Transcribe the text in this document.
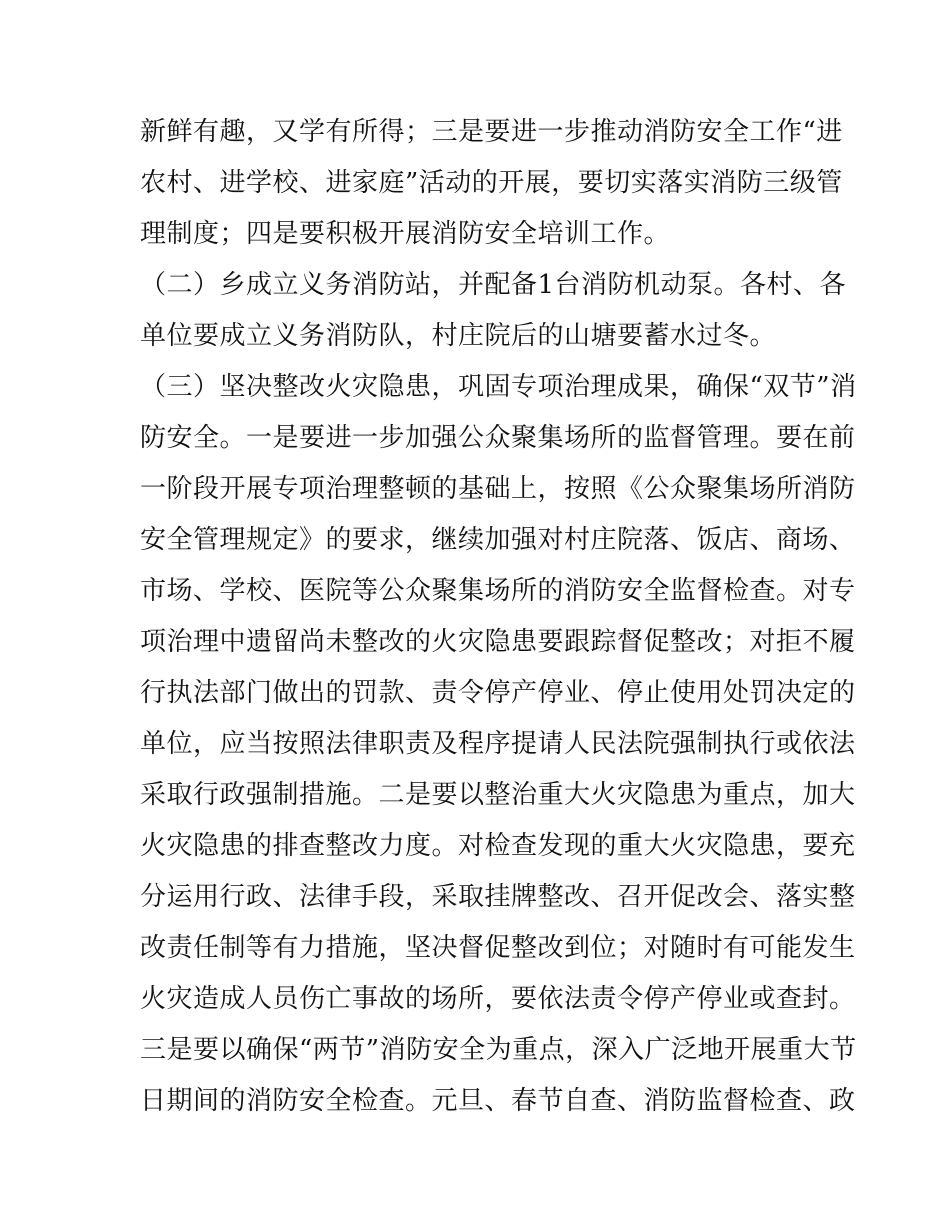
新鲜有趣，又学有所得；三是要进一步推动消防安全工作“进
农村、进学校、进家庭”活动的开展，要切实落实消防三级管
理制度；四是要积极开展消防安全培训工作。
（二）乡成立义务消防站，并配备1台消防机动泵。各村、各
单位要成立义务消防队，村庄院后的山塘要蓄水过冬。
（三）坚决整改火灾隐患，巩固专项治理成果，确保“双节”消
防安全。一是要进一步加强公众聚集场所的监督管理。要在前
一阶段开展专项治理整顿的基础上，按照《公众聚集场所消防
安全管理规定》的要求，继续加强对村庄院落、饭店、商场、
市场、学校、医院等公众聚集场所的消防安全监督检查。对专
项治理中遗留尚未整改的火灾隐患要跟踪督促整改；对拒不履
行执法部门做出的罚款、责令停产停业、停止使用处罚决定的
单位，应当按照法律职责及程序提请人民法院强制执行或依法
采取行政强制措施。二是要以整治重大火灾隐患为重点，加大
火灾隐患的排查整改力度。对检查发现的重大火灾隐患，要充
分运用行政、法律手段，采取挂牌整改、召开促改会、落实整
改责任制等有力措施，坚决督促整改到位；对随时有可能发生
火灾造成人员伤亡事故的场所，要依法责令停产停业或查封。
三是要以确保“两节”消防安全为重点，深入广泛地开展重大节
日期间的消防安全检查。元旦、春节自查、消防监督检查、政
